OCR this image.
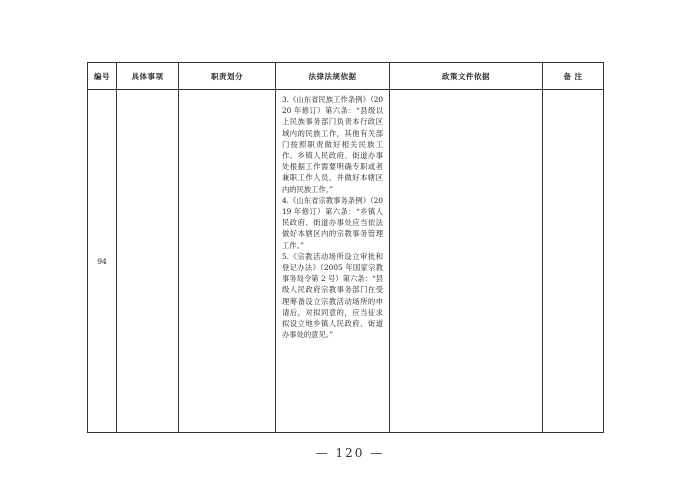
编号	具体事项	职责划分	法律法规依据	政策文件依据	备 注
94			3.《山东省民族工作条例》（2020 年修订）第六条：“县级以上民族事务部门负责本行政区域内的民族工作，其他有关部门按照职责做好相关民族工作。乡镇人民政府、街道办事处根据工作需要明确专职或者兼职工作人员，并做好本辖区内的民族工作。”
4.《山东省宗教事务条例》（2019 年修订）第六条：“乡镇人民政府、街道办事处应当依法做好本辖区内的宗教事务管理工作。”
5.《宗教活动场所设立审批和登记办法》（2005 年国家宗教事务局令第 2 号）第六条：“县级人民政府宗教事务部门在受理筹备设立宗教活动场所的申请后，对拟同意的，应当征求拟设立地乡镇人民政府、街道办事处的意见。”		

— 120 —
